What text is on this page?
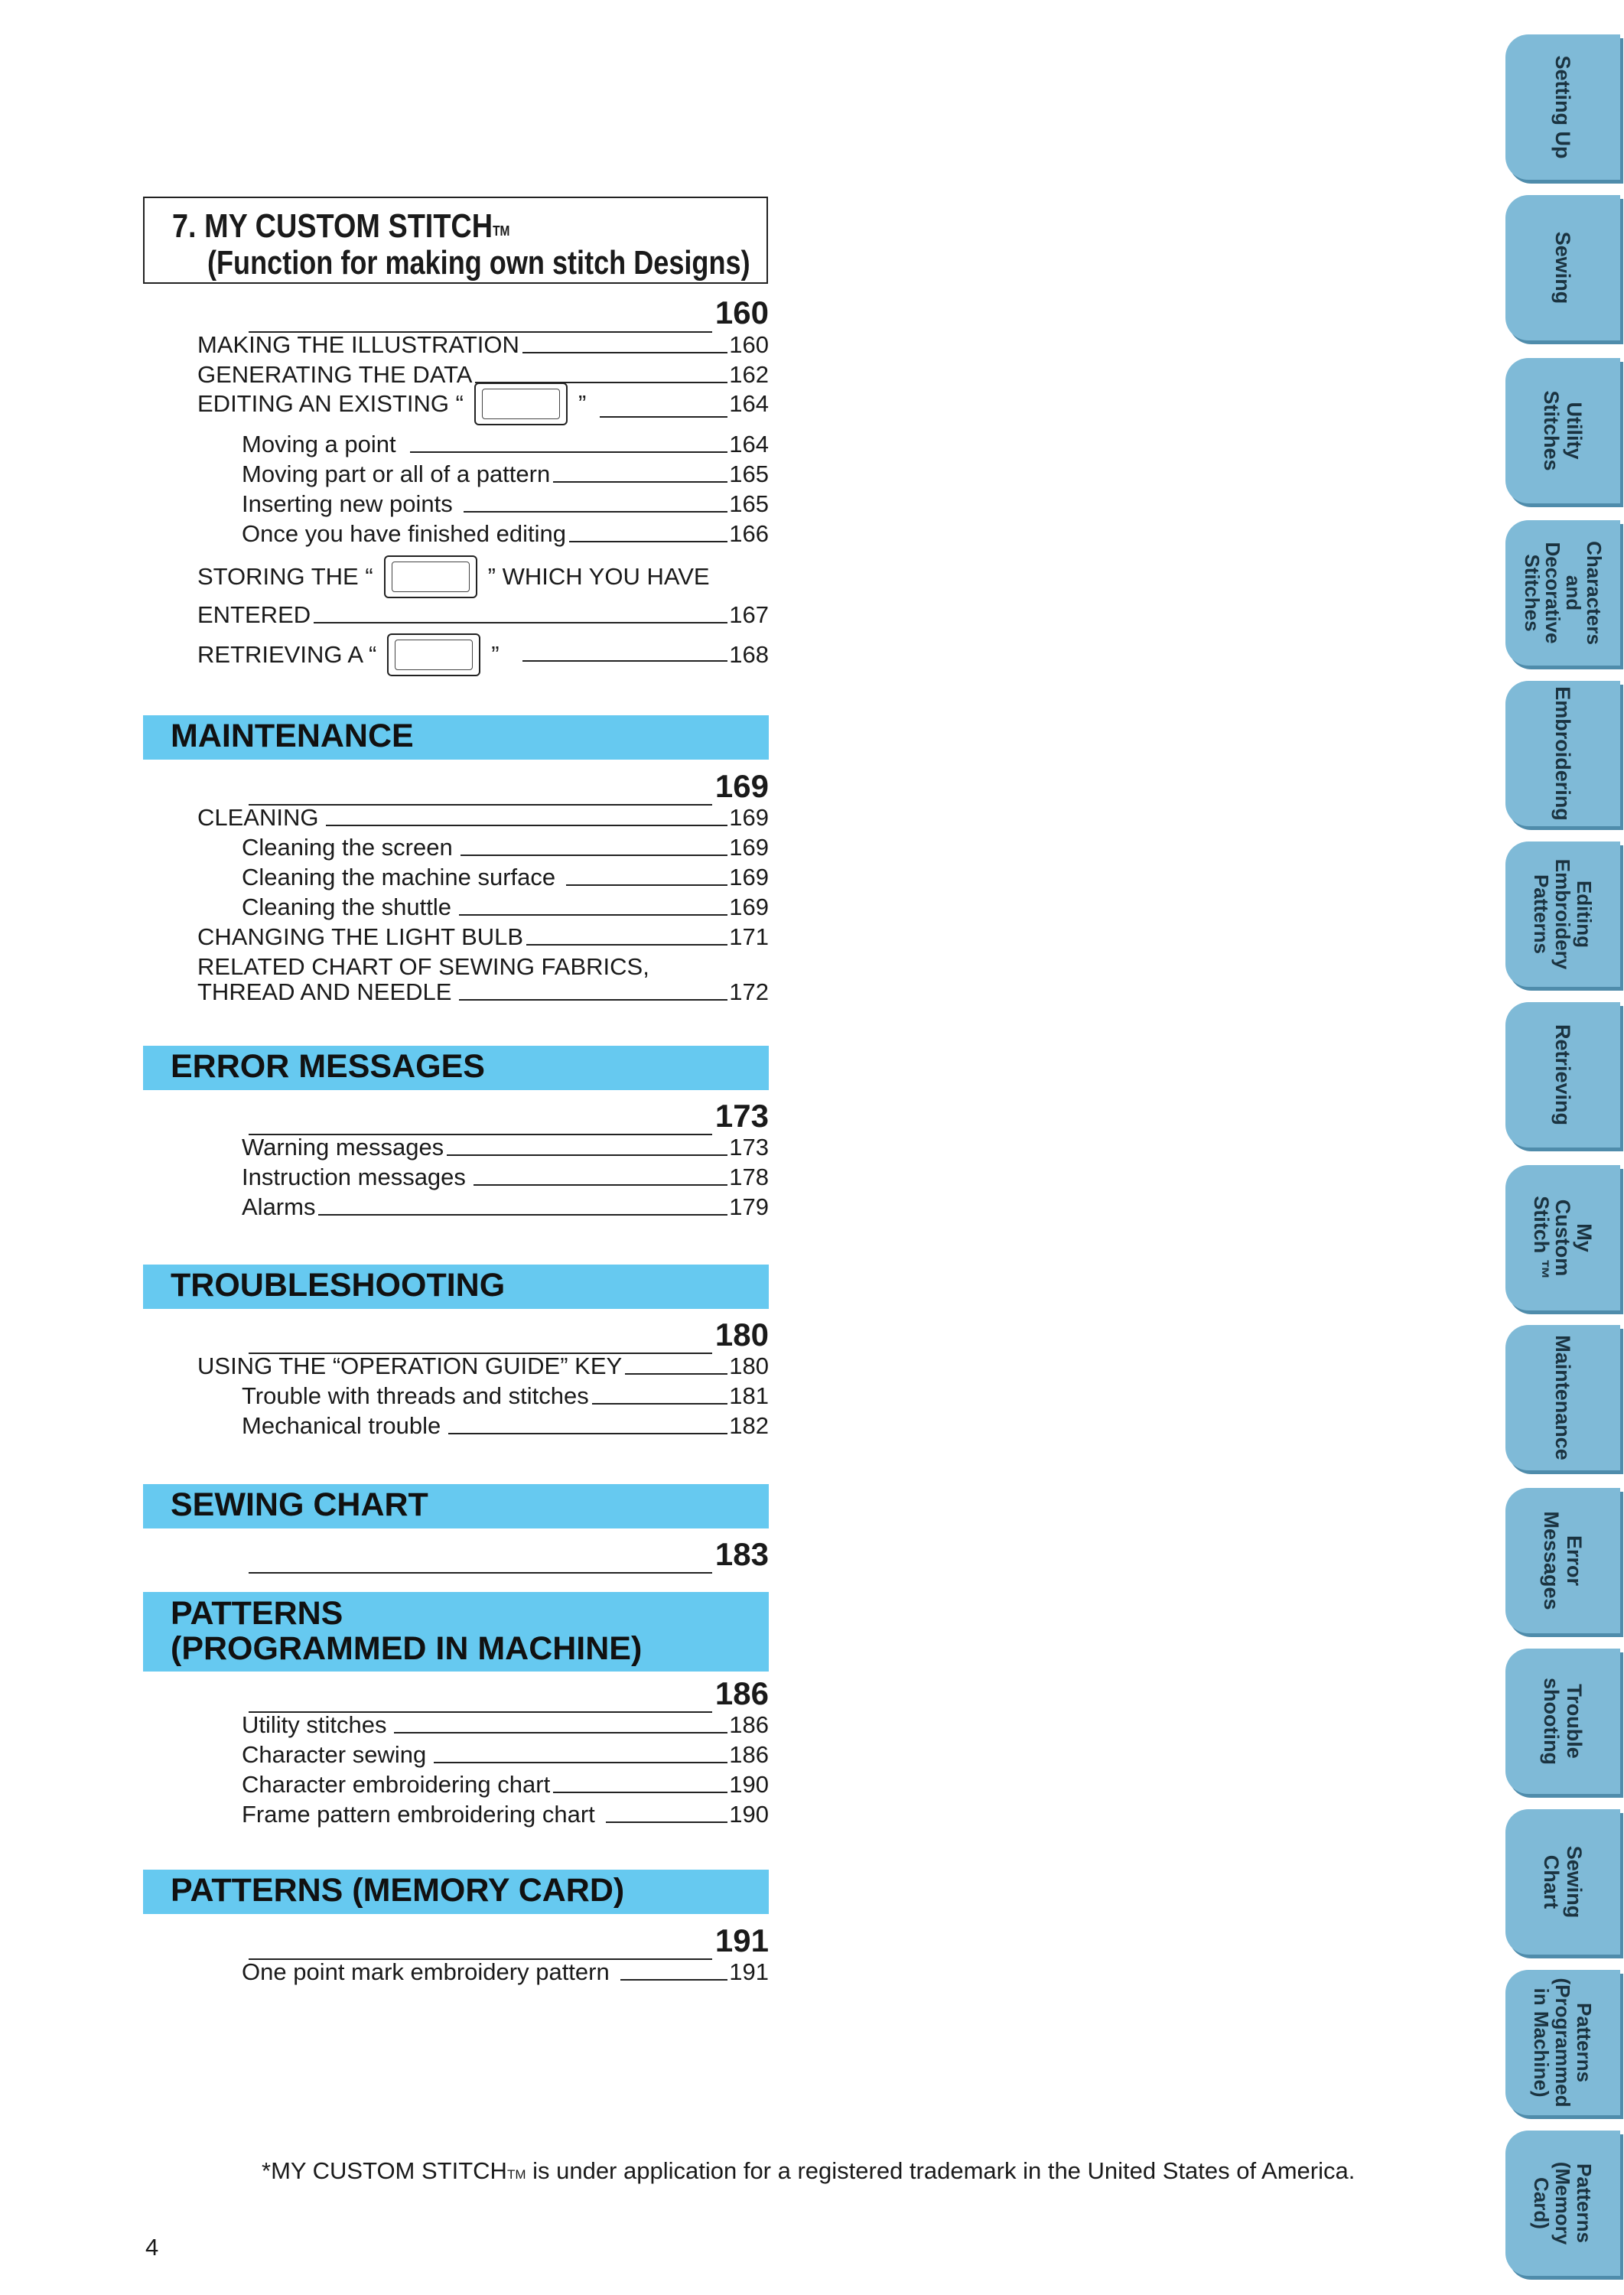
7. MY CUSTOM STITCH™
(Function for making own stitch Designs)
160
MAKING THE ILLUSTRATION	160
GENERATING THE DATA	162
EDITING AN EXISTING “	”	164
Moving a point	164
Moving part or all of a pattern	165
Inserting new points	165
Once you have finished editing	166
STORING THE “	” WHICH YOU HAVE
ENTERED	167
RETRIEVING A “	”	168
MAINTENANCE
169
CLEANING	169
Cleaning the screen	169
Cleaning the machine surface	169
Cleaning the shuttle	169
CHANGING THE LIGHT BULB	171
RELATED CHART OF SEWING FABRICS,
THREAD AND NEEDLE	172
ERROR MESSAGES
173
Warning messages	173
Instruction messages	178
Alarms	179
TROUBLESHOOTING
180
USING THE “OPERATION GUIDE” KEY	180
Trouble with threads and stitches	181
Mechanical trouble	182
SEWING CHART
183
PATTERNS
(PROGRAMMED IN MACHINE)
186
Utility stitches	186
Character sewing	186
Character embroidering chart	190
Frame pattern embroidering chart	190
PATTERNS (MEMORY CARD)
191
One point mark embroidery pattern	191
*MY CUSTOM STITCHTM is under application for a registered trademark in the United States of America.
4
Setting Up
Sewing
Utility
Stitches
Characters
and
Decorative
Stitches
Embroidering
Editing
Embroidery
Patterns
Retrieving
My
Custom
Stitch ™
Maintenance
Error
Messages
Trouble
shooting
Sewing
Chart
Patterns
(Programmed
in Machine)
Patterns
(Memory
Card)
